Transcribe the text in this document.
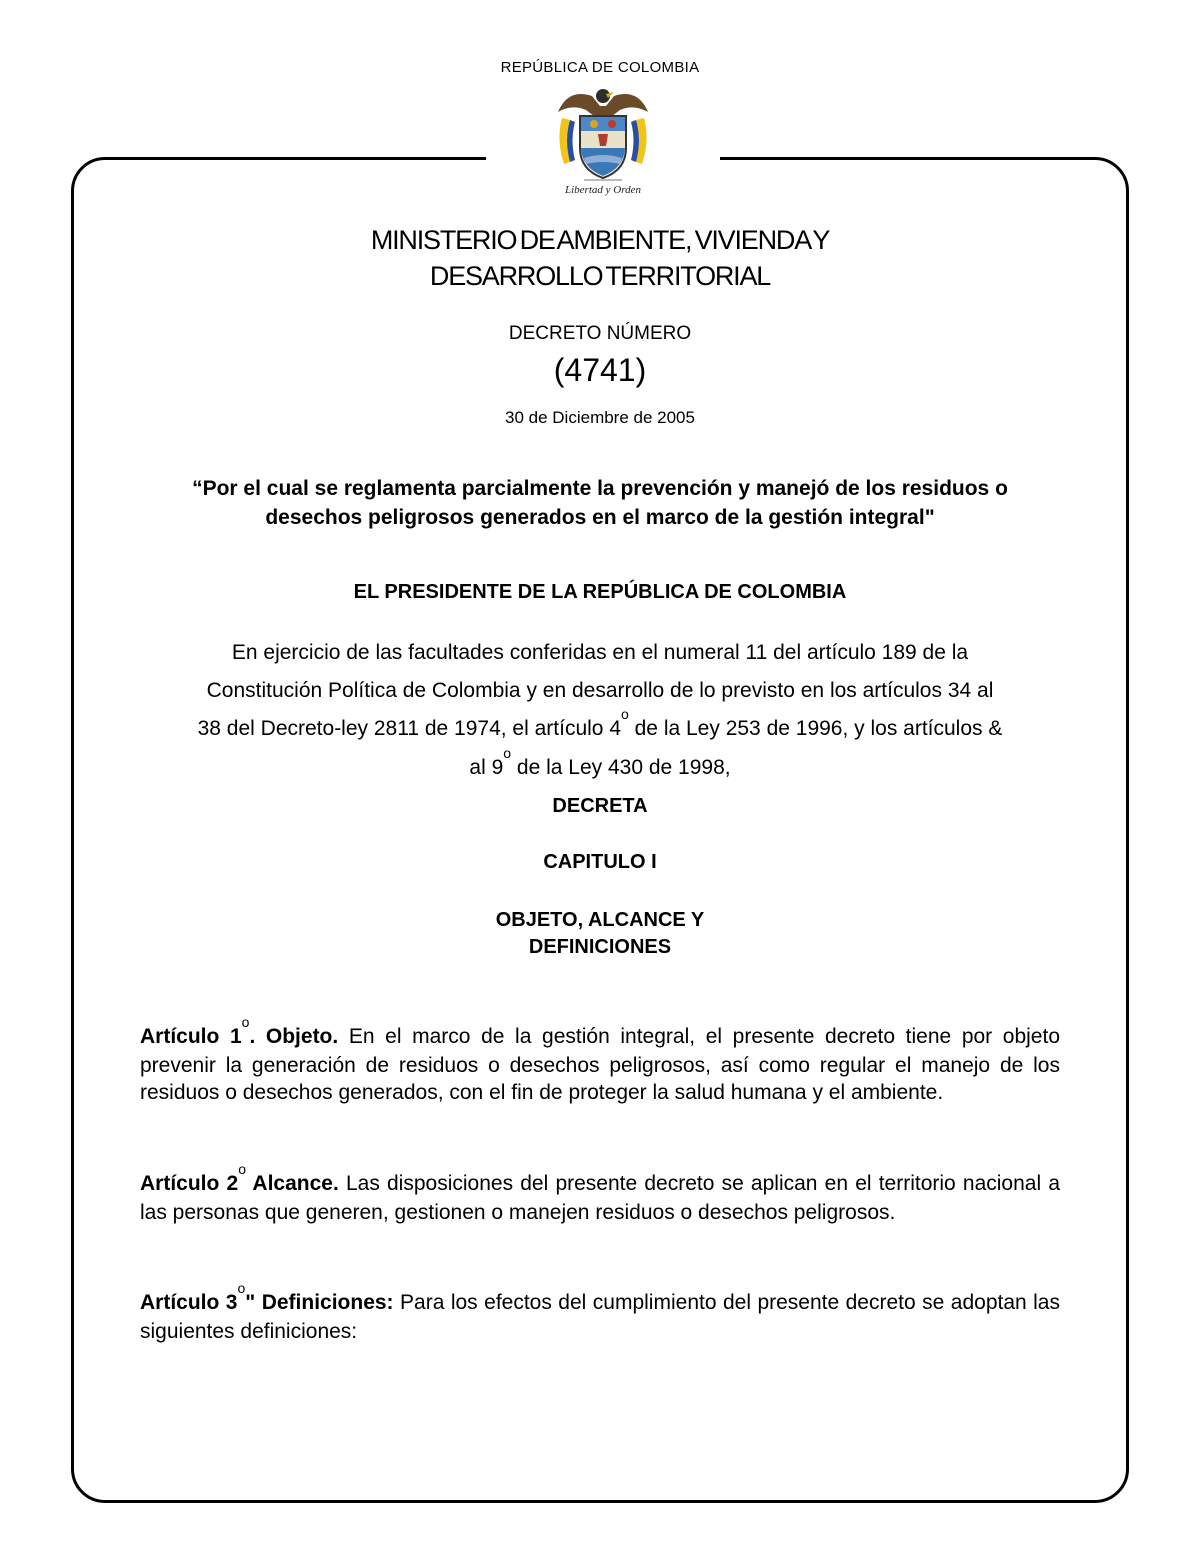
REPÚBLICA DE COLOMBIA
Libertad y Orden
MINISTERIO DE AMBIENTE, VIVIENDA Y
DESARROLLO TERRITORIAL
DECRETO NÚMERO
(4741)
30 de Diciembre de 2005
“Por el cual se reglamenta parcialmente la prevención y manejó de los residuos o
desechos peligrosos generados en el marco de la gestión integral"
EL PRESIDENTE DE LA REPÚBLICA DE COLOMBIA
En ejercicio de las facultades conferidas en el numeral 11 del artículo 189 de la
Constitución Política de Colombia y en desarrollo de lo previsto en los artículos 34 al
38 del Decreto-ley 2811 de 1974, el artículo 4$^o$ de la Ley 253 de 1996, y los artículos &
al 9$^o$ de la Ley 430 de 1998,
DECRETA
CAPITULO I
OBJETO, ALCANCE Y
DEFINICIONES
Artículo 1$^o$. Objeto. En el marco de la gestión integral, el presente decreto tiene por objeto prevenir la generación de residuos o desechos peligrosos, así como regular el manejo de los residuos o desechos generados, con el fin de proteger la salud humana y el ambiente.
Artículo 2$^o$ Alcance. Las disposiciones del presente decreto se aplican en el territorio nacional a las personas que generen, gestionen o manejen residuos o desechos peligrosos.
Artículo 3$^o$" Definiciones: Para los efectos del cumplimiento del presente decreto se adoptan las siguientes definiciones:
